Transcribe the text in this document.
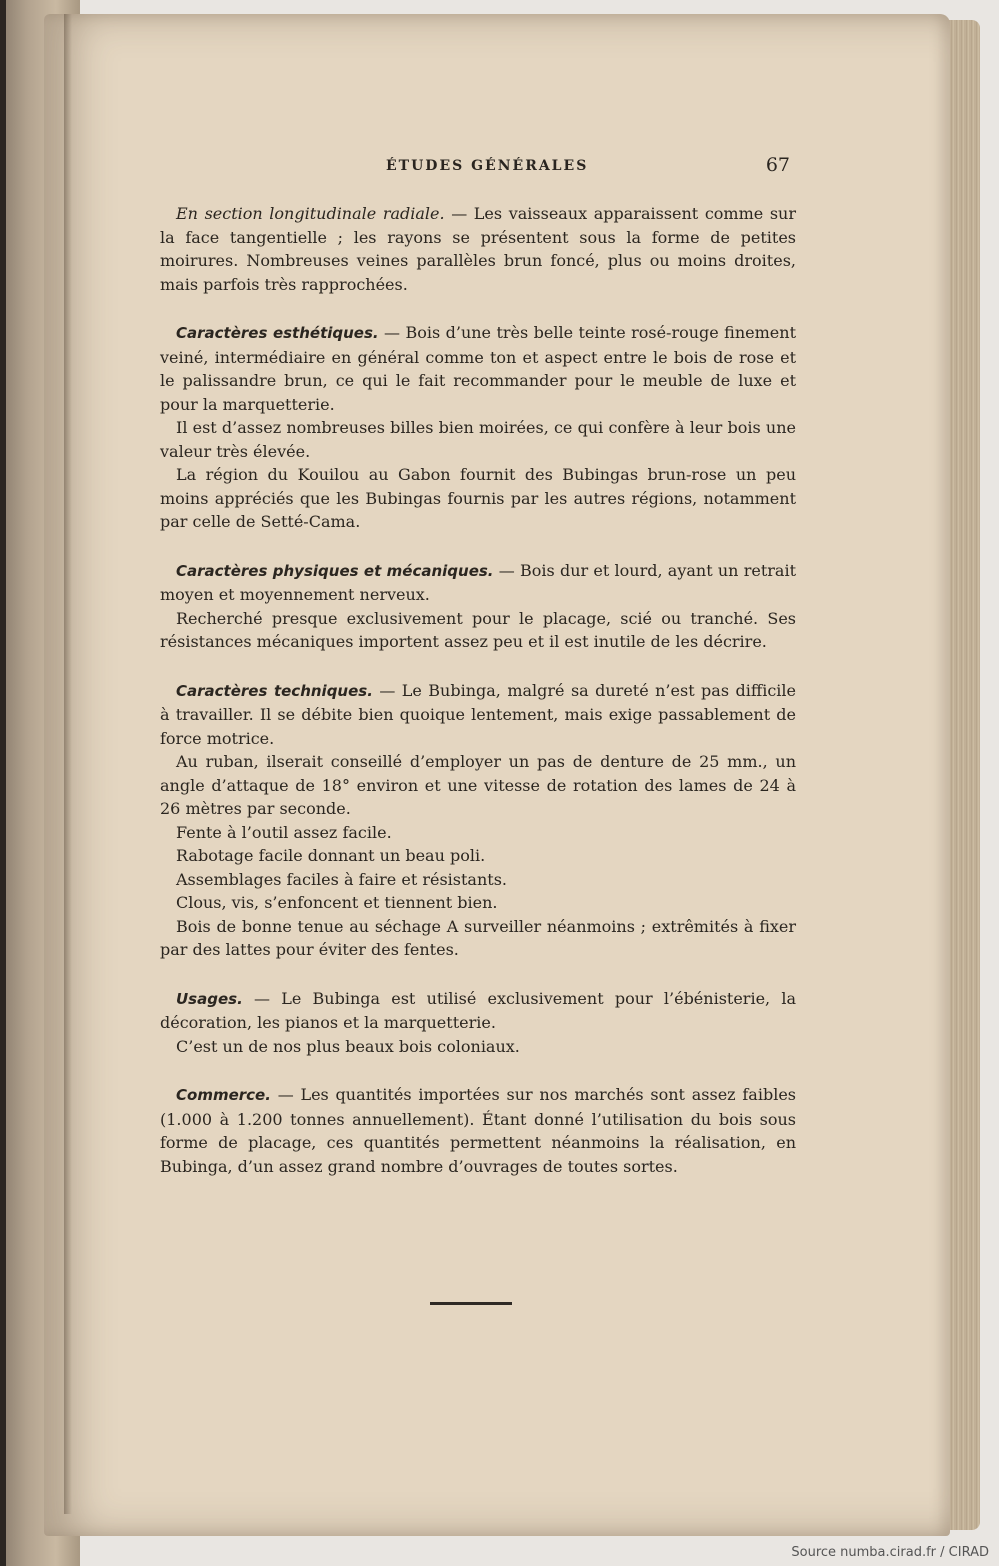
ÉTUDES GÉNÉRALES	67

En section longitudinale radiale. — Les vaisseaux apparaissent comme sur la face tangentielle ; les rayons se présentent sous la forme de petites moirures. Nombreuses veines parallèles brun foncé, plus ou moins droites, mais parfois très rapprochées.

Caractères esthétiques. — Bois d’une très belle teinte rosé-rouge finement veiné, intermédiaire en général comme ton et aspect entre le bois de rose et le palissandre brun, ce qui le fait recommander pour le meuble de luxe et pour la marquetterie.

Il est d’assez nombreuses billes bien moirées, ce qui confère à leur bois une valeur très élevée.

La région du Kouilou au Gabon fournit des Bubingas brun-rose un peu moins appréciés que les Bubingas fournis par les autres régions, notamment par celle de Setté-Cama.

Caractères physiques et mécaniques. — Bois dur et lourd, ayant un retrait moyen et moyennement nerveux.

Recherché presque exclusivement pour le placage, scié ou tranché. Ses résistances mécaniques importent assez peu et il est inutile de les décrire.

Caractères techniques. — Le Bubinga, malgré sa dureté n’est pas difficile à travailler. Il se débite bien quoique lentement, mais exige passablement de force motrice.

Au ruban, ilserait conseillé d’employer un pas de denture de 25 mm., un angle d’attaque de 18° environ et une vitesse de rotation des lames de 24 à 26 mètres par seconde.

Fente à l’outil assez facile.

Rabotage facile donnant un beau poli.

Assemblages faciles à faire et résistants.

Clous, vis, s’enfoncent et tiennent bien.

Bois de bonne tenue au séchage A surveiller néanmoins ; extrêmités à fixer par des lattes pour éviter des fentes.

Usages. — Le Bubinga est utilisé exclusivement pour l’ébénisterie, la décoration, les pianos et la marquetterie.

C’est un de nos plus beaux bois coloniaux.

Commerce. — Les quantités importées sur nos marchés sont assez faibles (1.000 à 1.200 tonnes annuellement). Étant donné l’utilisation du bois sous forme de placage, ces quantités permettent néanmoins la réalisation, en Bubinga, d’un assez grand nombre d’ouvrages de toutes sortes.

Source numba.cirad.fr / CIRAD
